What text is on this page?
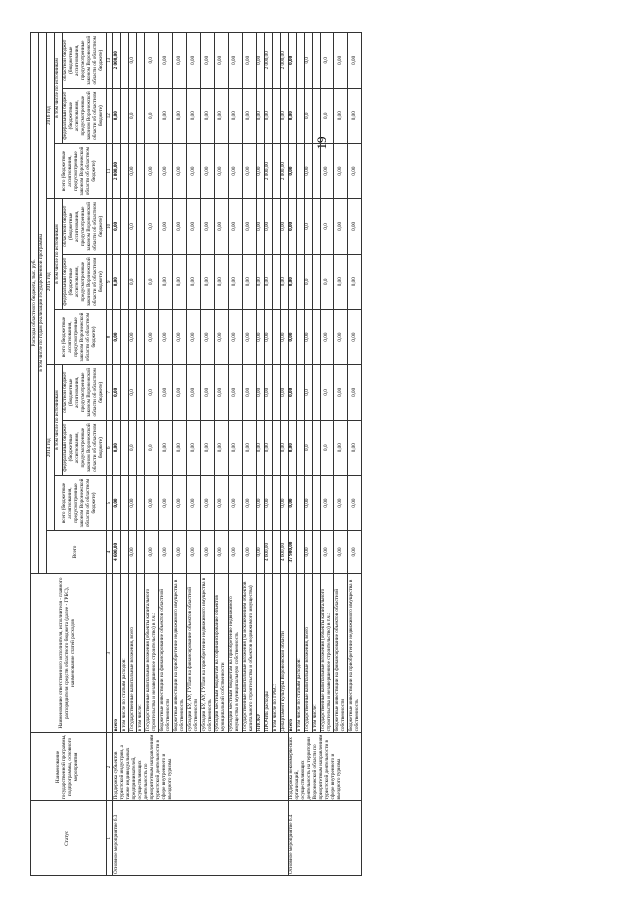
19
Статус	Наименование государственной программы, подпрограммы, основного мероприятия	Наименование ответственного исполнителя, исполнителя - главного распорядителя средств областного бюджета (далее - ГРБС), наименование статей расходов	Расходы областного бюджета, тыс. руб.									
			в том числе по годам реализации государственной программы									
			Всего	2014 год			2015 год			2016 год		
				всего (бюджетные ассигнования, предусмотренные законом Воронежской области об областном бюджете)	в том числе по источникам		всего (бюджетные ассигнования, предусмотренные законом Воронежской области об областном бюджете)	в том числе по источникам		всего (бюджетные ассигнования, предусмотренные законом Воронежской области об областном бюджете)	в том числе по источникам	
					федеральный бюджет (бюджетные ассигнования, предусмотренные законом Воронежской области об областном бюджете)	областной бюджет (бюджетные ассигнования, предусмотренные законом Воронежской области об областном бюджете)		федеральный бюджет (бюджетные ассигнования, предусмотренные законом Воронежской области об областном бюджете)	областной бюджет (бюджетные ассигнования, предусмотренные законом Воронежской области об областном бюджете)		федеральный бюджет (бюджетные ассигнования, предусмотренные законом Воронежской области об областном бюджете)	областной бюджет (бюджетные ассигнования, предусмотренные законом Воронежской области об областном бюджете)
1	2	3	4	5	6	7	8	9	10	11	12	13
Основное мероприятие 6.3	Поддержка субъектов туристской индустрии, а также индивидуальных предпринимателей, осуществляющих деятельность по приоритетным направлениям туристской деятельности в сфере внутреннего и въездного туризма	всего	4 600,00	0,00	0,00	0,00	0,00	0,00	0,00	2 000,00	0,00	2 000,00
		в том числе по статьям расходов:										
		Государственные капитальные вложения, всего	0,00	0,00	0,0	0,0	0,00	0,0	0,0	0,00	0,0	0,0
		в том числе:										
		Государственные капитальные вложения (объекты капитального строительства и незавершенное строительство) в т.ч.:	0,00	0,00	0,0	0,0	0,00	0,0	0,0	0,00	0,0	0,0
		бюджетные инвестиции на финансирование объектов областной собственности	0,00	0,00	0,00	0,00	0,00	0,00	0,00	0,00	0,00	0,00
		бюджетные инвестиции на приобретение недвижимого имущества в собственность	0,00	0,00	0,00	0,00	0,00	0,00	0,00	0,00	0,00	0,00
		субсидии БУ, АУ, ГУПам на финансирование объектов областной собственности	0,00	0,00	0,00	0,00	0,00	0,00	0,00	0,00	0,00	0,00
		субсидии БУ, АУ, ГУПам на приобретение недвижимого имущества в собственность	0,00	0,00	0,00	0,00	0,00	0,00	0,00	0,00	0,00	0,00
		субсидии местным бюджетам на софинансирование объектов муниципальной собственности	0,00	0,00	0,00	0,00	0,00	0,00	0,00	0,00	0,00	0,00
		субсидии местным бюджетам на приобретение недвижимого имущества в муниципальную собственность	0,00	0,00	0,00	0,00	0,00	0,00	0,00	0,00	0,00	0,00
		Государственные капитальные вложения (за исключением объектов капитального строительства и объектов недвижимого имущества)	0,00	0,00	0,00	0,00	0,00	0,00	0,00	0,00	0,00	0,00
		НИОКР	0,00	0,00	0,00	0,00	0,00	0,00	0,00	0,00	0,00	0,00
		ПРОЧИЕ расходы	4 600,00	0,00	0,00	0,00	0,00	0,00	0,00	2 000,00	0,00	2 000,00
		в том числе по ГРБС:										
		Департамент культуры Воронежской области	4 600,00	0,00	0,00	0,00	0,00	0,00	0,00	2 000,00	0,00	2 000,00
Основное мероприятие 6.4	Поддержка некоммерческих организаций, осуществляющих деятельность на территории Воронежской области по приоритетным направлениям туристской деятельности в сфере внутреннего и въездного туризма	всего	37 900,00	0,00	0,00	0,00	0,00	0,00	0,00	0,00	0,00	0,00
		в том числе по статьям расходов:										
		Государственные капитальные вложения, всего	0,00	0,00	0,0	0,0	0,00	0,0	0,0	0,00	0,0	0,0
		в том числе:										
		Государственные капитальные вложения (объекты капитального строительства и незавершенное строительство) в т.ч.:	0,00	0,00	0,0	0,0	0,00	0,0	0,0	0,00	0,0	0,0
		бюджетные инвестиции на финансирование объектов областной собственности	0,00	0,00	0,00	0,00	0,00	0,00	0,00	0,00	0,00	0,00
		бюджетные инвестиции на приобретение недвижимого имущества в собственность	0,00	0,00	0,00	0,00	0,00	0,00	0,00	0,00	0,00	0,00
